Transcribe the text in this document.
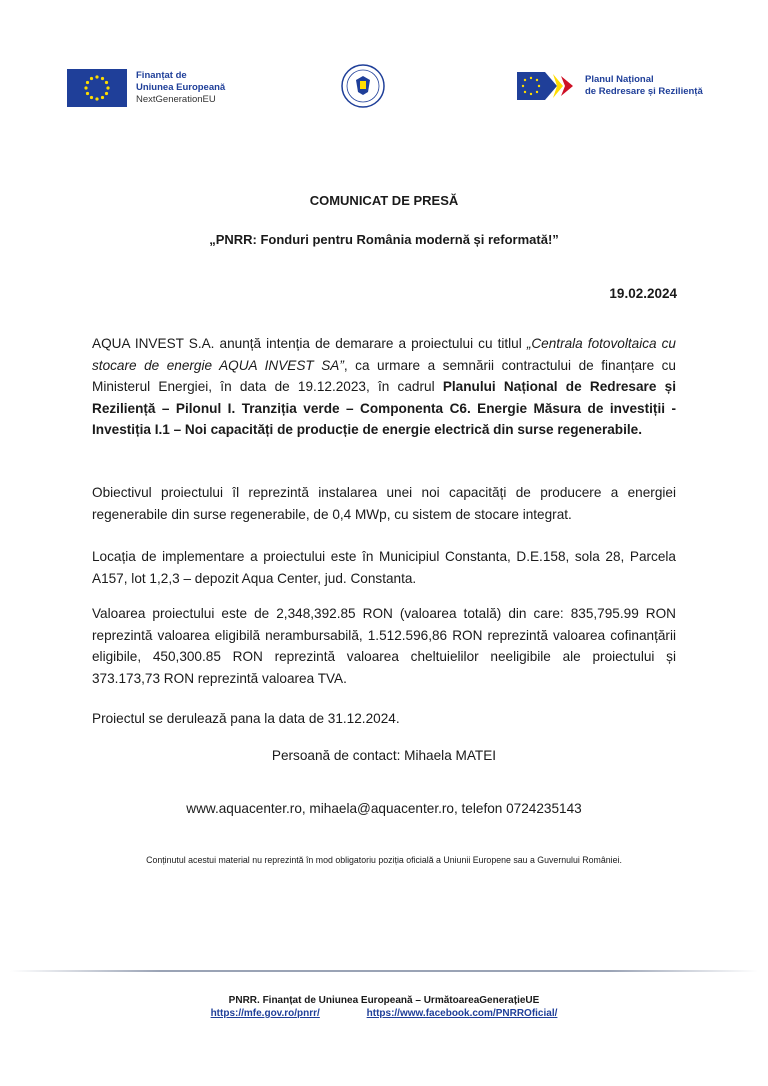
Finanțat de
Uniunea Europeană
NextGenerationEU
Planul Național
de Redresare și Reziliență
COMUNICAT DE PRESĂ
„PNRR: Fonduri pentru România modernă și reformată!”
19.02.2024
AQUA INVEST S.A. anunță intenția de demarare a proiectului cu titlul „Centrala fotovoltaica cu stocare de energie AQUA INVEST SA”, ca urmare a semnării contractului de finanțare cu Ministerul Energiei, în data de 19.12.2023, în cadrul Planului Național de Redresare și Reziliență – Pilonul I. Tranziția verde – Componenta C6. Energie Măsura de investiții - Investiția I.1 – Noi capacități de producție de energie electrică din surse regenerabile.
Obiectivul proiectului îl reprezintă instalarea unei noi capacități de producere a energiei regenerabile din surse regenerabile, de 0,4 MWp, cu sistem de stocare integrat.
Locația de implementare a proiectului este în Municipiul Constanta, D.E.158, sola 28, Parcela A157, lot 1,2,3 – depozit Aqua Center, jud. Constanta.
Valoarea proiectului este de 2,348,392.85 RON (valoarea totală) din care: 835,795.99 RON reprezintă valoarea eligibilă nerambursabilă, 1.512.596,86 RON reprezintă valoarea cofinanțării eligibile, 450,300.85 RON reprezintă valoarea cheltuielilor neeligibile ale proiectului și 373.173,73 RON reprezintă valoarea TVA.
Proiectul se derulează pana la data de 31.12.2024.
Persoană de contact: Mihaela MATEI
www.aquacenter.ro, mihaela@aquacenter.ro, telefon 0724235143
Conținutul acestui material nu reprezintă în mod obligatoriu poziția oficială a Uniunii Europene sau a Guvernului României.
PNRR. Finanțat de Uniunea Europeană – UrmătoareaGenerațieUE
https://mfe.gov.ro/pnrr/	https://www.facebook.com/PNRROficial/
